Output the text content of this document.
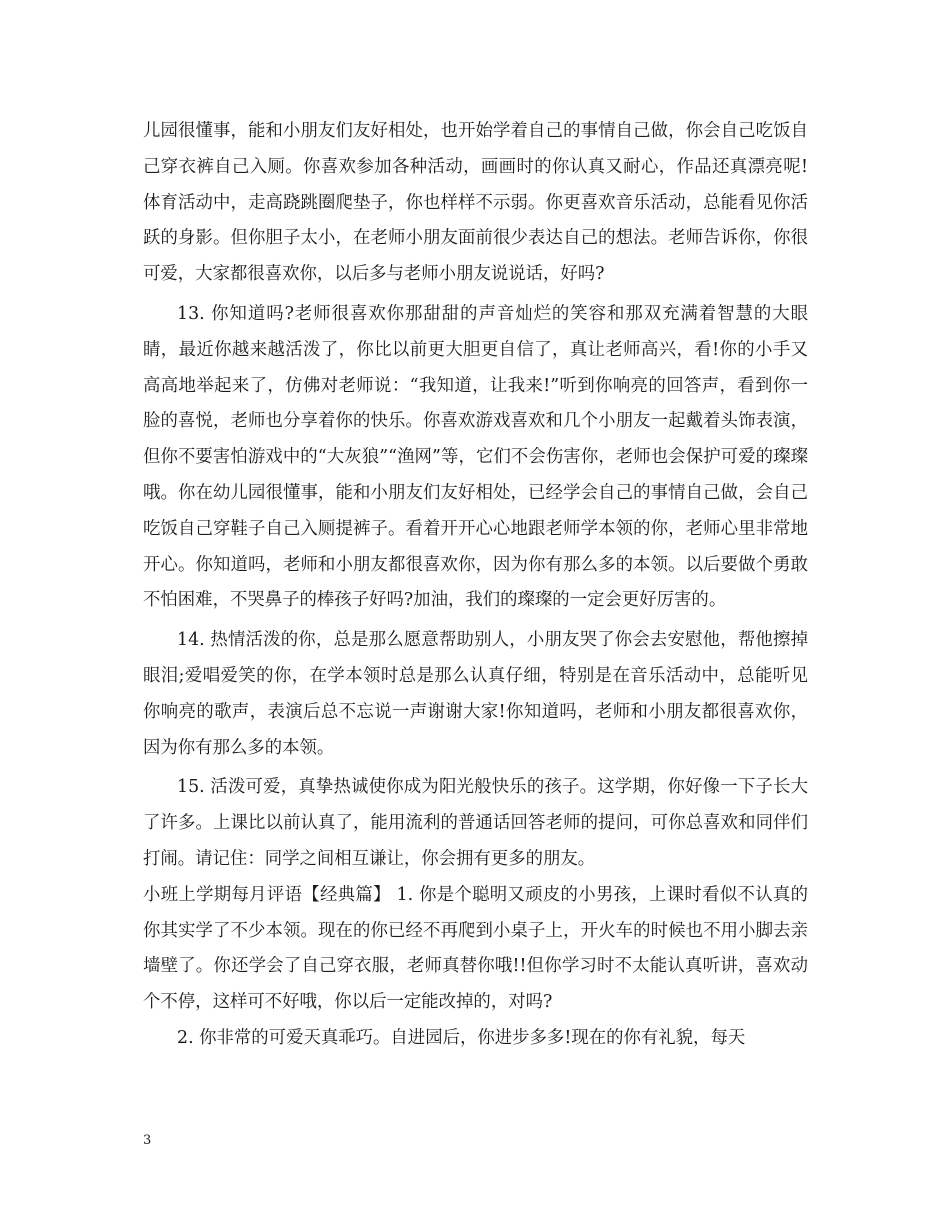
儿园很懂事，能和小朋友们友好相处，也开始学着自己的事情自己做，你会自己吃饭自己穿衣裤自己入厕。你喜欢参加各种活动，画画时的你认真又耐心，作品还真漂亮呢!体育活动中，走高跷跳圈爬垫子，你也样样不示弱。你更喜欢音乐活动，总能看见你活跃的身影。但你胆子太小，在老师小朋友面前很少表达自己的想法。老师告诉你，你很可爱，大家都很喜欢你，以后多与老师小朋友说说话，好吗?

13. 你知道吗?老师很喜欢你那甜甜的声音灿烂的笑容和那双充满着智慧的大眼睛，最近你越来越活泼了，你比以前更大胆更自信了，真让老师高兴，看!你的小手又高高地举起来了，仿佛对老师说：“我知道，让我来!”听到你响亮的回答声，看到你一脸的喜悦，老师也分享着你的快乐。你喜欢游戏喜欢和几个小朋友一起戴着头饰表演，但你不要害怕游戏中的“大灰狼”“渔网”等，它们不会伤害你，老师也会保护可爱的璨璨哦。你在幼儿园很懂事，能和小朋友们友好相处，已经学会自己的事情自己做，会自己吃饭自己穿鞋子自己入厕提裤子。看着开开心心地跟老师学本领的你，老师心里非常地开心。你知道吗，老师和小朋友都很喜欢你，因为你有那么多的本领。以后要做个勇敢不怕困难，不哭鼻子的棒孩子好吗?加油，我们的璨璨的一定会更好厉害的。

14. 热情活泼的你，总是那么愿意帮助别人，小朋友哭了你会去安慰他，帮他擦掉眼泪;爱唱爱笑的你，在学本领时总是那么认真仔细，特别是在音乐活动中，总能听见你响亮的歌声，表演后总不忘说一声谢谢大家!你知道吗，老师和小朋友都很喜欢你，因为你有那么多的本领。

15. 活泼可爱，真挚热诚使你成为阳光般快乐的孩子。这学期，你好像一下子长大了许多。上课比以前认真了，能用流利的普通话回答老师的提问，可你总喜欢和同伴们打闹。请记住：同学之间相互谦让，你会拥有更多的朋友。

小班上学期每月评语【经典篇】 1. 你是个聪明又顽皮的小男孩，上课时看似不认真的你其实学了不少本领。现在的你已经不再爬到小桌子上，开火车的时候也不用小脚去亲墙壁了。你还学会了自己穿衣服，老师真替你哦!!但你学习时不太能认真听讲，喜欢动个不停，这样可不好哦，你以后一定能改掉的，对吗?

2. 你非常的可爱天真乖巧。自进园后，你进步多多!现在的你有礼貌，每天

3
